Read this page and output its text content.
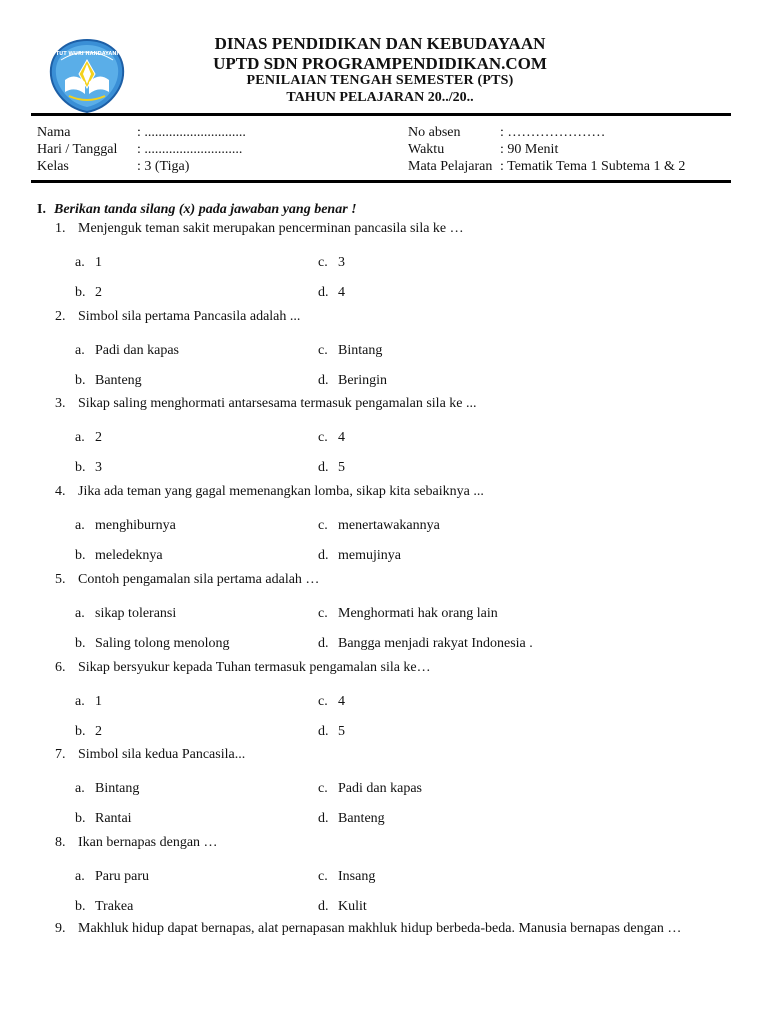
TUT WURI HANDAYANI
DINAS PENDIDIKAN DAN KEBUDAYAAN
UPTD SDN PROGRAMPENDIDIKAN.COM
PENILAIAN TENGAH SEMESTER (PTS)
TAHUN PELAJARAN 20../20..
Nama	: .............................
Hari / Tanggal : ............................
Kelas	: 3 (Tiga)
No absen	: …………………
Waktu	: 90 Menit
Mata Pelajaran : Tematik Tema 1 Subtema 1 & 2
I. Berikan tanda silang (x) pada jawaban yang benar !
1. Menjenguk teman sakit merupakan pencerminan pancasila sila ke …
a. 1	c. 3
b. 2	d. 4
2. Simbol sila pertama Pancasila adalah ...
a. Padi dan kapas	c. Bintang
b. Banteng	d. Beringin
3. Sikap saling menghormati antarsesama termasuk pengamalan sila ke ...
a. 2	c. 4
b. 3	d. 5
4. Jika ada teman yang gagal memenangkan lomba, sikap kita sebaiknya ...
a. menghiburnya	c. menertawakannya
b. meledeknya	d. memujinya
5. Contoh pengamalan sila pertama adalah …
a. sikap toleransi	c. Menghormati hak orang lain
b. Saling tolong menolong	d. Bangga menjadi rakyat Indonesia .
6. Sikap bersyukur kepada Tuhan termasuk pengamalan sila ke…
a. 1	c. 4
b. 2	d. 5
7. Simbol sila kedua Pancasila...
a. Bintang	c. Padi dan kapas
b. Rantai	d. Banteng
8. Ikan bernapas dengan …
a. Paru paru	c. Insang
b. Trakea	d. Kulit
9. Makhluk hidup dapat bernapas, alat pernapasan makhluk hidup berbeda-beda. Manusia bernapas dengan …
